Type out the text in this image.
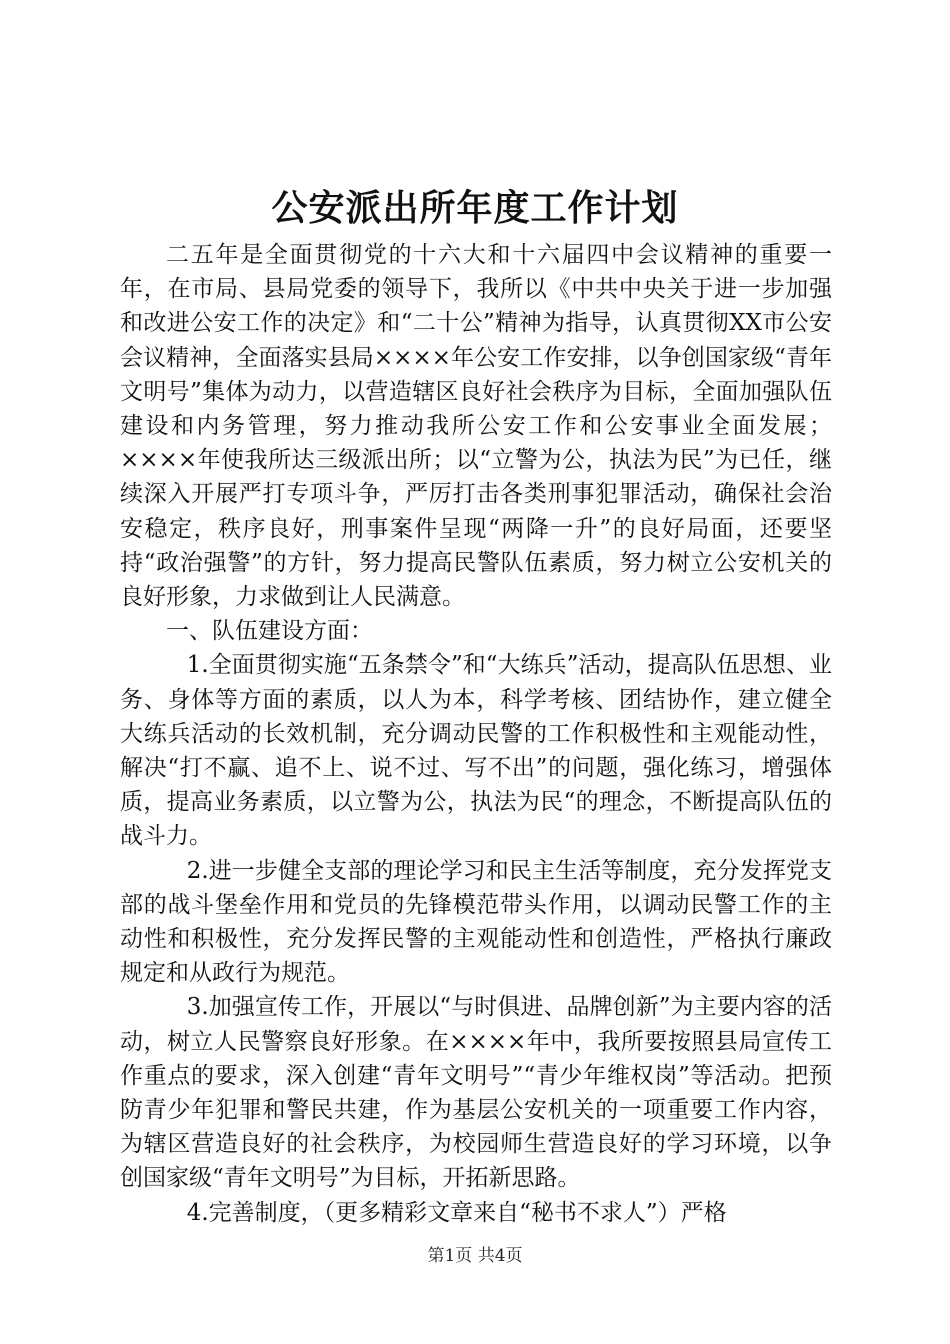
公安派出所年度工作计划

二五年是全面贯彻党的十六大和十六届四中会议精神的重要一年，在市局、县局党委的领导下，我所以《中共中央关于进一步加强和改进公安工作的决定》和“二十公”精神为指导，认真贯彻XX市公安会议精神，全面落实县局××××年公安工作安排，以争创国家级“青年文明号”集体为动力，以营造辖区良好社会秩序为目标，全面加强队伍建设和内务管理，努力推动我所公安工作和公安事业全面发展；××××年使我所达三级派出所；以“立警为公，执法为民”为已任，继续深入开展严打专项斗争，严厉打击各类刑事犯罪活动，确保社会治安稳定，秩序良好，刑事案件呈现“两降一升”的良好局面，还要坚持“政治强警”的方针，努力提高民警队伍素质，努力树立公安机关的良好形象，力求做到让人民满意。

一、队伍建设方面：

1.全面贯彻实施“五条禁令”和“大练兵”活动，提高队伍思想、业务、身体等方面的素质，以人为本，科学考核、团结协作，建立健全大练兵活动的长效机制，充分调动民警的工作积极性和主观能动性，解决“打不赢、追不上、说不过、写不出”的问题，强化练习，增强体质，提高业务素质，以立警为公，执法为民“的理念，不断提高队伍的战斗力。

2.进一步健全支部的理论学习和民主生活等制度，充分发挥党支部的战斗堡垒作用和党员的先锋模范带头作用，以调动民警工作的主动性和积极性，充分发挥民警的主观能动性和创造性，严格执行廉政规定和从政行为规范。

3.加强宣传工作，开展以“与时俱进、品牌创新”为主要内容的活动，树立人民警察良好形象。在××××年中，我所要按照县局宣传工作重点的要求，深入创建“青年文明号”“青少年维权岗”等活动。把预防青少年犯罪和警民共建，作为基层公安机关的一项重要工作内容，为辖区营造良好的社会秩序，为校园师生营造良好的学习环境，以争创国家级“青年文明号”为目标，开拓新思路。

4.完善制度，（更多精彩文章来自“秘书不求人”）严格

第1页 共4页
